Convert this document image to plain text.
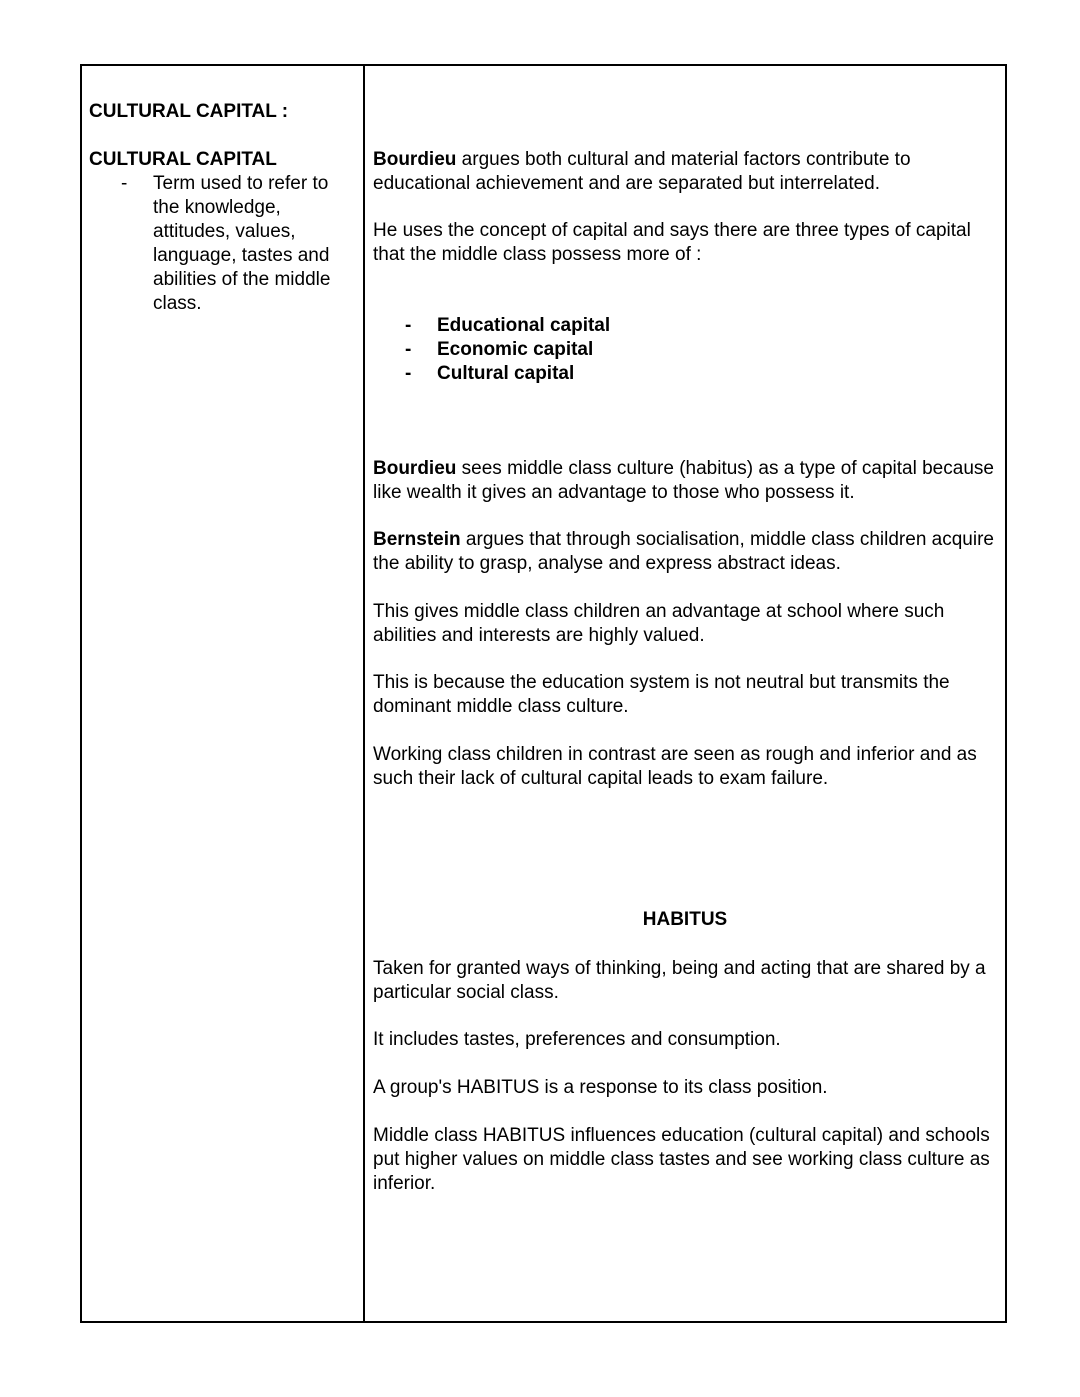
CULTURAL CAPITAL :

CULTURAL CAPITAL

- Term used to refer to the knowledge, attitudes, values, language, tastes and abilities of the middle class.

Bourdieu argues both cultural and material factors contribute to educational achievement and are separated but interrelated.

He uses the concept of capital and says there are three types of capital that the middle class possess more of :

- Educational capital
- Economic capital
- Cultural capital

Bourdieu sees middle class culture (habitus) as a type of capital because like wealth it gives an advantage to those who possess it.

Bernstein argues that through socialisation, middle class children acquire the ability to grasp, analyse and express abstract ideas.

This gives middle class children an advantage at school where such abilities and interests are highly valued.

This is because the education system is not neutral but transmits the dominant middle class culture.

Working class children in contrast are seen as rough and inferior and as such their lack of cultural capital leads to exam failure.

HABITUS

Taken for granted ways of thinking, being and acting that are shared by a particular social class.

It includes tastes, preferences and consumption.

A group's HABITUS is a response to its class position.

Middle class HABITUS influences education (cultural capital) and schools put higher values on middle class tastes and see working class culture as inferior.
